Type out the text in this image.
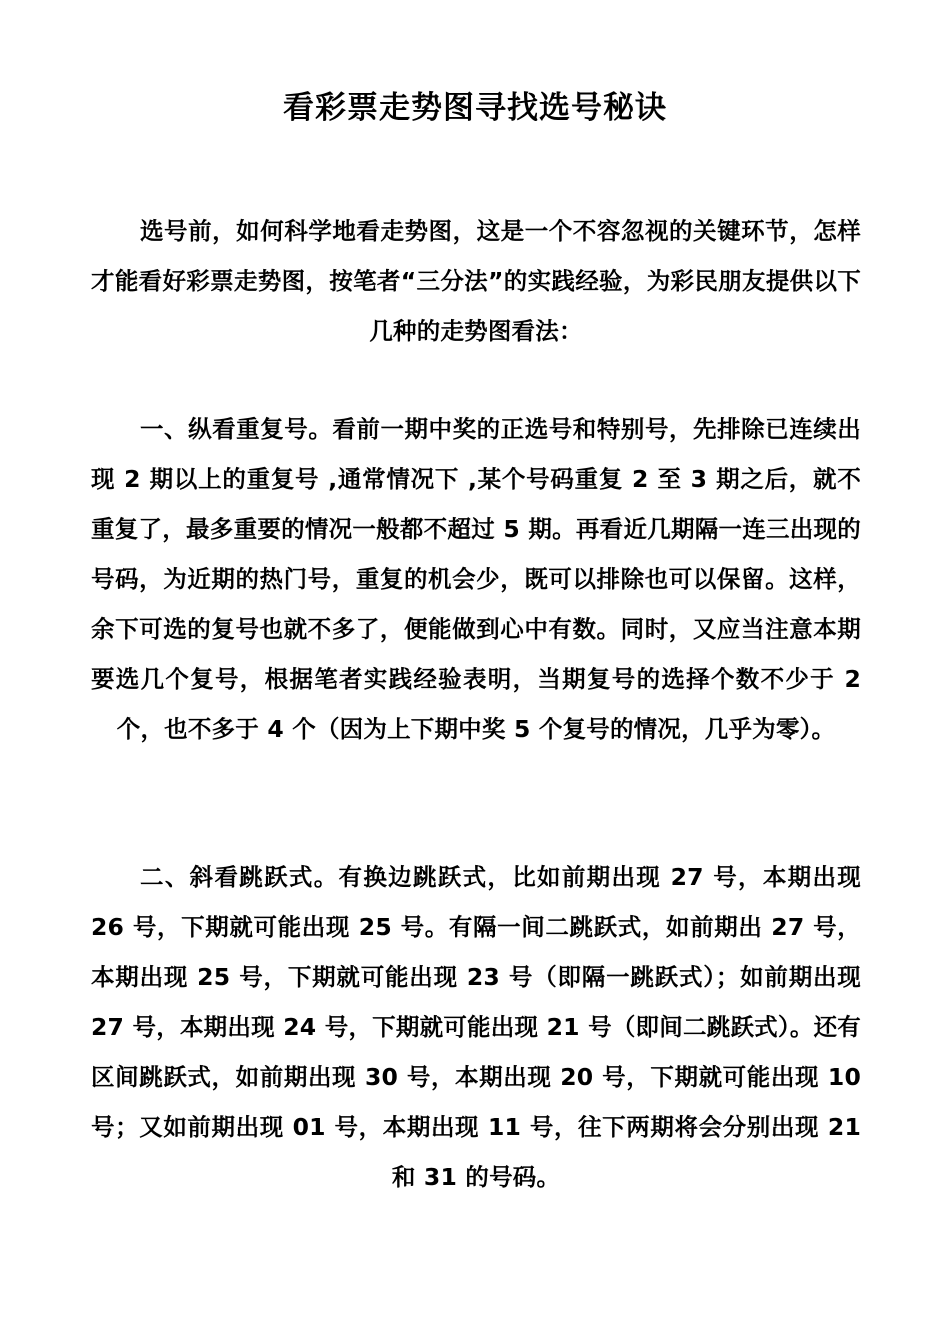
看彩票走势图寻找选号秘诀

选号前，如何科学地看走势图，这是一个不容忽视的关键环节，怎样才能看好彩票走势图，按笔者“三分法”的实践经验，为彩民朋友提供以下几种的走势图看法：

一、纵看重复号。看前一期中奖的正选号和特别号，先排除已连续出现 2 期以上的重复号 ,通常情况下 ,某个号码重复 2 至 3 期之后，就不重复了，最多重要的情况一般都不超过 5 期。再看近几期隔一连三出现的号码，为近期的热门号，重复的机会少，既可以排除也可以保留。这样，余下可选的复号也就不多了，便能做到心中有数。同时，又应当注意本期要选几个复号，根据笔者实践经验表明，当期复号的选择个数不少于 2 个，也不多于 4 个（因为上下期中奖 5 个复号的情况，几乎为零）。

二、斜看跳跃式。有换边跳跃式，比如前期出现 27 号，本期出现 26 号，下期就可能出现 25 号。有隔一间二跳跃式，如前期出 27 号，本期出现 25 号，下期就可能出现 23 号（即隔一跳跃式）；如前期出现 27 号，本期出现 24 号，下期就可能出现 21 号（即间二跳跃式）。还有区间跳跃式，如前期出现 30 号，本期出现 20 号，下期就可能出现 10 号；又如前期出现 01 号，本期出现 11 号，往下两期将会分别出现 21 和 31 的号码。
